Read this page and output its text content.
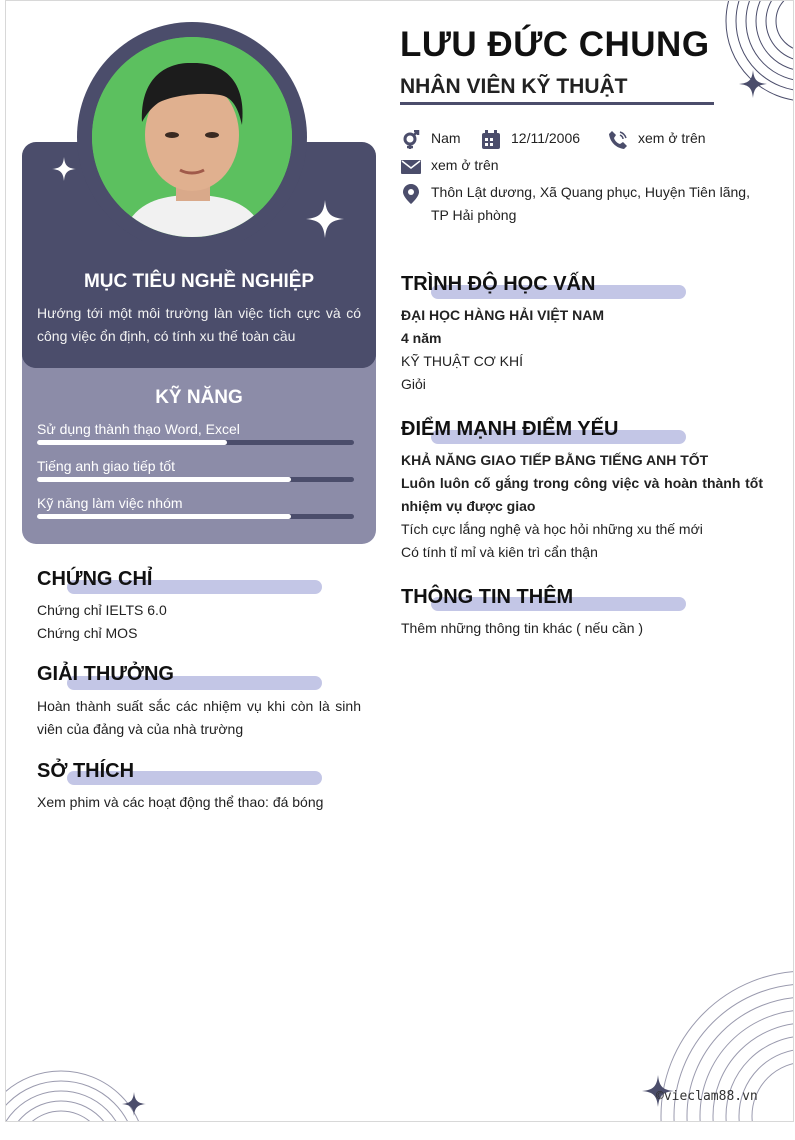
MỤC TIÊU NGHỀ NGHIỆP
Hướng tới một môi trường làn việc tích cực và có công việc ổn định, có tính xu thế toàn cầu
KỸ NĂNG
Sử dụng thành thạo Word, Excel
Tiếng anh giao tiếp tốt
Kỹ năng làm việc nhóm
CHỨNG CHỈ
Chứng chỉ IELTS 6.0
Chứng chỉ MOS
GIẢI THƯỞNG
Hoàn thành suất sắc các nhiệm vụ khi còn là sinh viên của đảng và của nhà trường
SỞ THÍCH
Xem phim và các hoạt động thể thao: đá bóng
LƯU ĐỨC CHUNG
NHÂN VIÊN KỸ THUẬT
Nam	12/11/2006	xem ở trên
xem ở trên
Thôn Lật dương, Xã Quang phục, Huyện Tiên lãng, TP Hải phòng
TRÌNH ĐỘ HỌC VẤN
ĐẠI HỌC HÀNG HẢI VIỆT NAM
4 năm
KỸ THUẬT CƠ KHÍ
Giỏi
ĐIỂM MẠNH ĐIỂM YẾU
KHẢ NĂNG GIAO TIẾP BẰNG TIẾNG ANH TỐT
Luôn luôn cố gắng trong công việc và hoàn thành tốt nhiệm vụ được giao
Tích cực lắng nghệ và học hỏi những xu thế mới
Có tính tỉ mỉ và kiên trì cẩn thận
THÔNG TIN THÊM
Thêm những thông tin khác ( nếu cần )
©vieclam88.vn
